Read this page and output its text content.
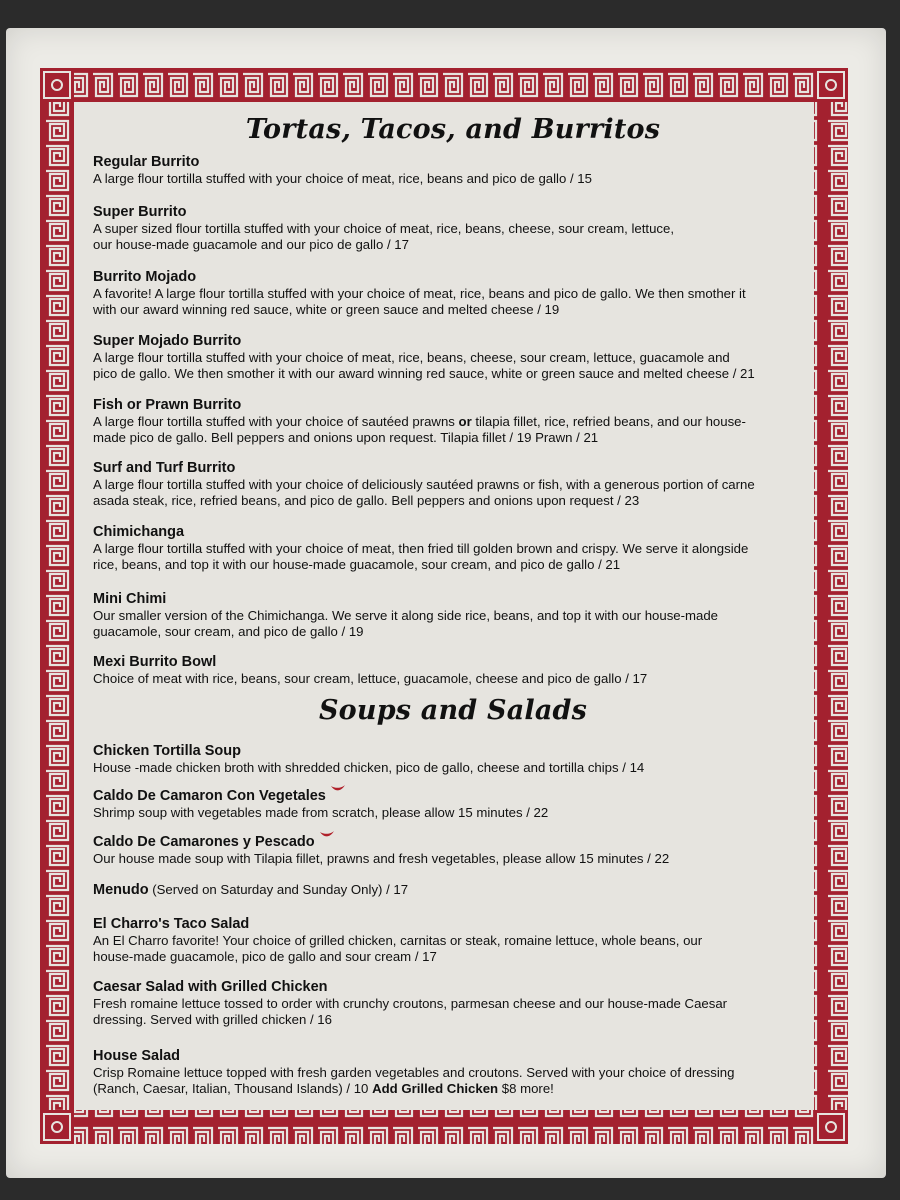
Tortas, Tacos, and Burritos
Regular Burrito
A large flour tortilla stuffed with your choice of meat, rice, beans and pico de gallo / 15
Super Burrito
A super sized flour tortilla stuffed with your choice of meat, rice, beans, cheese, sour cream, lettuce,
our house-made guacamole and our pico de gallo / 17
Burrito Mojado
A favorite! A large flour tortilla stuffed with your choice of meat, rice, beans and pico de gallo. We then smother it
with our award winning red sauce, white or green sauce and melted cheese / 19
Super Mojado Burrito
A large flour tortilla stuffed with your choice of meat, rice, beans, cheese, sour cream, lettuce, guacamole and
pico de gallo. We then smother it with our award winning red sauce, white or green sauce and melted cheese / 21
Fish or Prawn Burrito
A large flour tortilla stuffed with your choice of sautéed prawns or tilapia fillet, rice, refried beans, and our house-
made pico de gallo. Bell peppers and onions upon request. Tilapia fillet / 19 Prawn / 21
Surf and Turf Burrito
A large flour tortilla stuffed with your choice of deliciously sautéed prawns or fish, with a generous portion of carne
asada steak, rice, refried beans, and pico de gallo. Bell peppers and onions upon request / 23
Chimichanga
A large flour tortilla stuffed with your choice of meat, then fried till golden brown and crispy. We serve it alongside
rice, beans, and top it with our house-made guacamole, sour cream, and pico de gallo / 21
Mini Chimi
Our smaller version of the Chimichanga. We serve it along side rice, beans, and top it with our house-made
guacamole, sour cream, and pico de gallo / 19
Mexi Burrito Bowl
Choice of meat with rice, beans, sour cream, lettuce, guacamole, cheese and pico de gallo / 17
Soups and Salads
Chicken Tortilla Soup
House -made chicken broth with shredded chicken, pico de gallo, cheese and tortilla chips / 14
Caldo De Camaron Con Vegetales
Shrimp soup with vegetables made from scratch, please allow 15 minutes / 22
Caldo De Camarones y Pescado
Our house made soup with Tilapia fillet, prawns and fresh vegetables, please allow 15 minutes / 22
Menudo (Served on Saturday and Sunday Only) / 17
El Charro's Taco Salad
An El Charro favorite! Your choice of grilled chicken, carnitas or steak, romaine lettuce, whole beans, our
house-made guacamole, pico de gallo and sour cream / 17
Caesar Salad with Grilled Chicken
Fresh romaine lettuce tossed to order with crunchy croutons, parmesan cheese and our house-made Caesar
dressing. Served with grilled chicken / 16
House Salad
Crisp Romaine lettuce topped with fresh garden vegetables and croutons. Served with your choice of dressing
(Ranch, Caesar, Italian, Thousand Islands) / 10 Add Grilled Chicken $8 more!
